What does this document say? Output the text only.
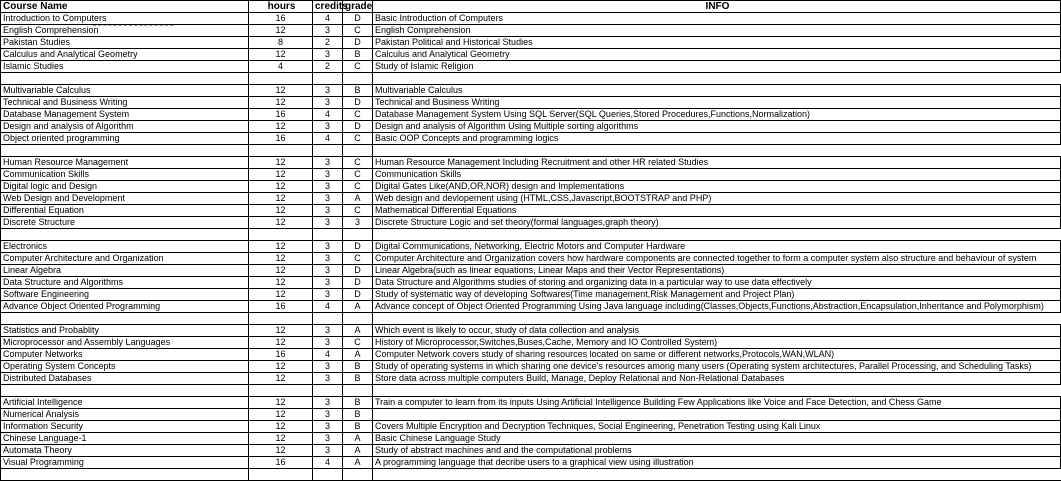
Course Name	hours	credits	grade	INFO
Introduction to Computers	16	4	D	Basic Introduction of Computers
English Comprehension	12	3	C	English Comprehension
Pakistan Studies	8	2	D	Pakistan Political and Historical Studies
Calculus and Analytical Geometry	12	3	B	Calculus and Analytical Geometry
Islamic Studies	4	2	C	Study of Islamic Religion

Multivariable Calculus	12	3	B	Multivariable Calculus
Technical and Business Writing	12	3	D	Technical and Business Writing
Database Management System	16	4	C	Database Management System Using SQL Server(SQL Queries,Stored Procedures,Functions,Normalization)
Design and analysis of Algorithm	12	3	D	Design and analysis of Algorithm Using Multiple sorting algorithms
Object oriented programming	16	4	C	Basic OOP Concepts and programming logics

Human Resource Management	12	3	C	Human Resource Management Including Recruitment and other HR related Studies
Communication Skills	12	3	C	Communication Skills
Digital logic and Design	12	3	C	Digital Gates Like(AND,OR,NOR) design and Implementations
Web Design and Development	12	3	A	Web design and devlopement using (HTML,CSS,Javascript,BOOTSTRAP and PHP)
Differential Equation	12	3	C	Mathematical Differential Equations
Discrete Structure	12	3	3	Discrete Structure Logic and set theory(formal languages,graph theory)

Electronics	12	3	D	Digital Communications, Networking, Electric Motors and Computer Hardware
Computer Architecture and Organization	12	3	C	Computer Architecture and Organization covers how hardware components are connected together to form a computer system also structure and behaviour of system
Linear Algebra	12	3	D	Linear Algebra(such as linear equations, Linear Maps and their Vector Representations)
Data Structure and Algorithms	12	3	D	Data Structure and Algorithms studies of storing and organizing data in a particular way to use data effectively
Software Engineering	12	3	D	Study of systematic way of developing Softwares(Time management,Risk Management and Project Plan)
Advance Object Oriented Programming	16	4	A	Advance concept of Object Oriented Programming Using Java language including(Classes,Objects,Functions,Abstraction,Encapsulation,Inheritance and Polymorphism)

Statistics and Probablity	12	3	A	Which event is likely to occur, study of data collection and analysis
Microprocessor and Assembly Languages	12	3	C	History of Microprocessor,Switches,Buses,Cache, Memory and IO Controlled System)
Computer Networks	16	4	A	Computer Network covers study of sharing resources located on same or different networks,Protocols,WAN,WLAN)
Operating System Concepts	12	3	B	Study of operating systems in which sharing one device's resources among many users (Operating system architectures, Parallel Processing, and Scheduling Tasks)
Distributed Databases	12	3	B	Store data across multiple computers Build, Manage, Deploy Relational and Non-Relational Databases

Artificial Intelligence	12	3	B	Train a computer to learn from its inputs Using Artificial Intelligence Building Few Applications like Voice and Face Detection, and Chess Game
Numerical Analysis	12	3	B	
Information Security	12	3	B	Covers Multiple Encryption and Decryption Techniques, Social Engineering, Penetration Testing using Kali Linux
Chinese Language-1	12	3	A	Basic Chinese Language Study
Automata Theory	12	3	A	Study of abstract machines and and the computational problems
Visual Programming	16	4	A	A programming language that decribe users to a graphical view using illustration
